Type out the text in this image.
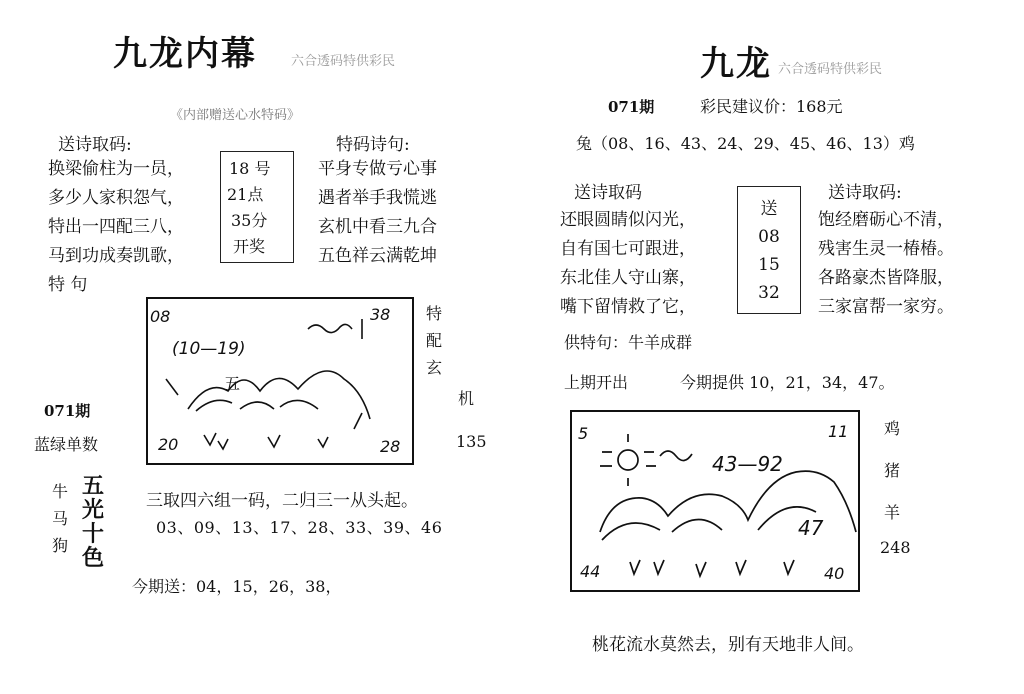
九龙内幕	六合透码特供彩民
《内部赠送心水特码》
送诗取码:
换梁偷柱为一员，
多少人家积怨气，
特出一四配三八，
马到功成奏凯歌，
特 句
18 号
21点
35分
开奖
特码诗句:
平身专做亏心事
遇者举手我慌逃
玄机中看三九合
五色祥云满乾坤
08	38
(10—19)
五
20	28
特
配
玄
机
135
071期
蓝绿单数
牛
马
狗
五
光
十
色
三取四六组一码，二归三一从头起。
03、09、13、17、28、33、39、46
今期送：04，15，26，38，
九龙 六合透码特供彩民
071期	彩民建议价：168元
兔（08、16、43、24、29、45、46、13）鸡
送诗取码
还眼圆睛似闪光，
自有国七可跟进，
东北佳人守山寨，
嘴下留情救了它，
送
08
15
32
送诗取码:
饱经磨砺心不清，
残害生灵一椿椿。
各路豪杰皆降服，
三家富帮一家穷。
供特句：牛羊成群
上期开出	今期提供 10，21，34，47。
5	11
43—92
47
44	40
鸡
猪
羊
248
桃花流水莫然去，别有天地非人间。
